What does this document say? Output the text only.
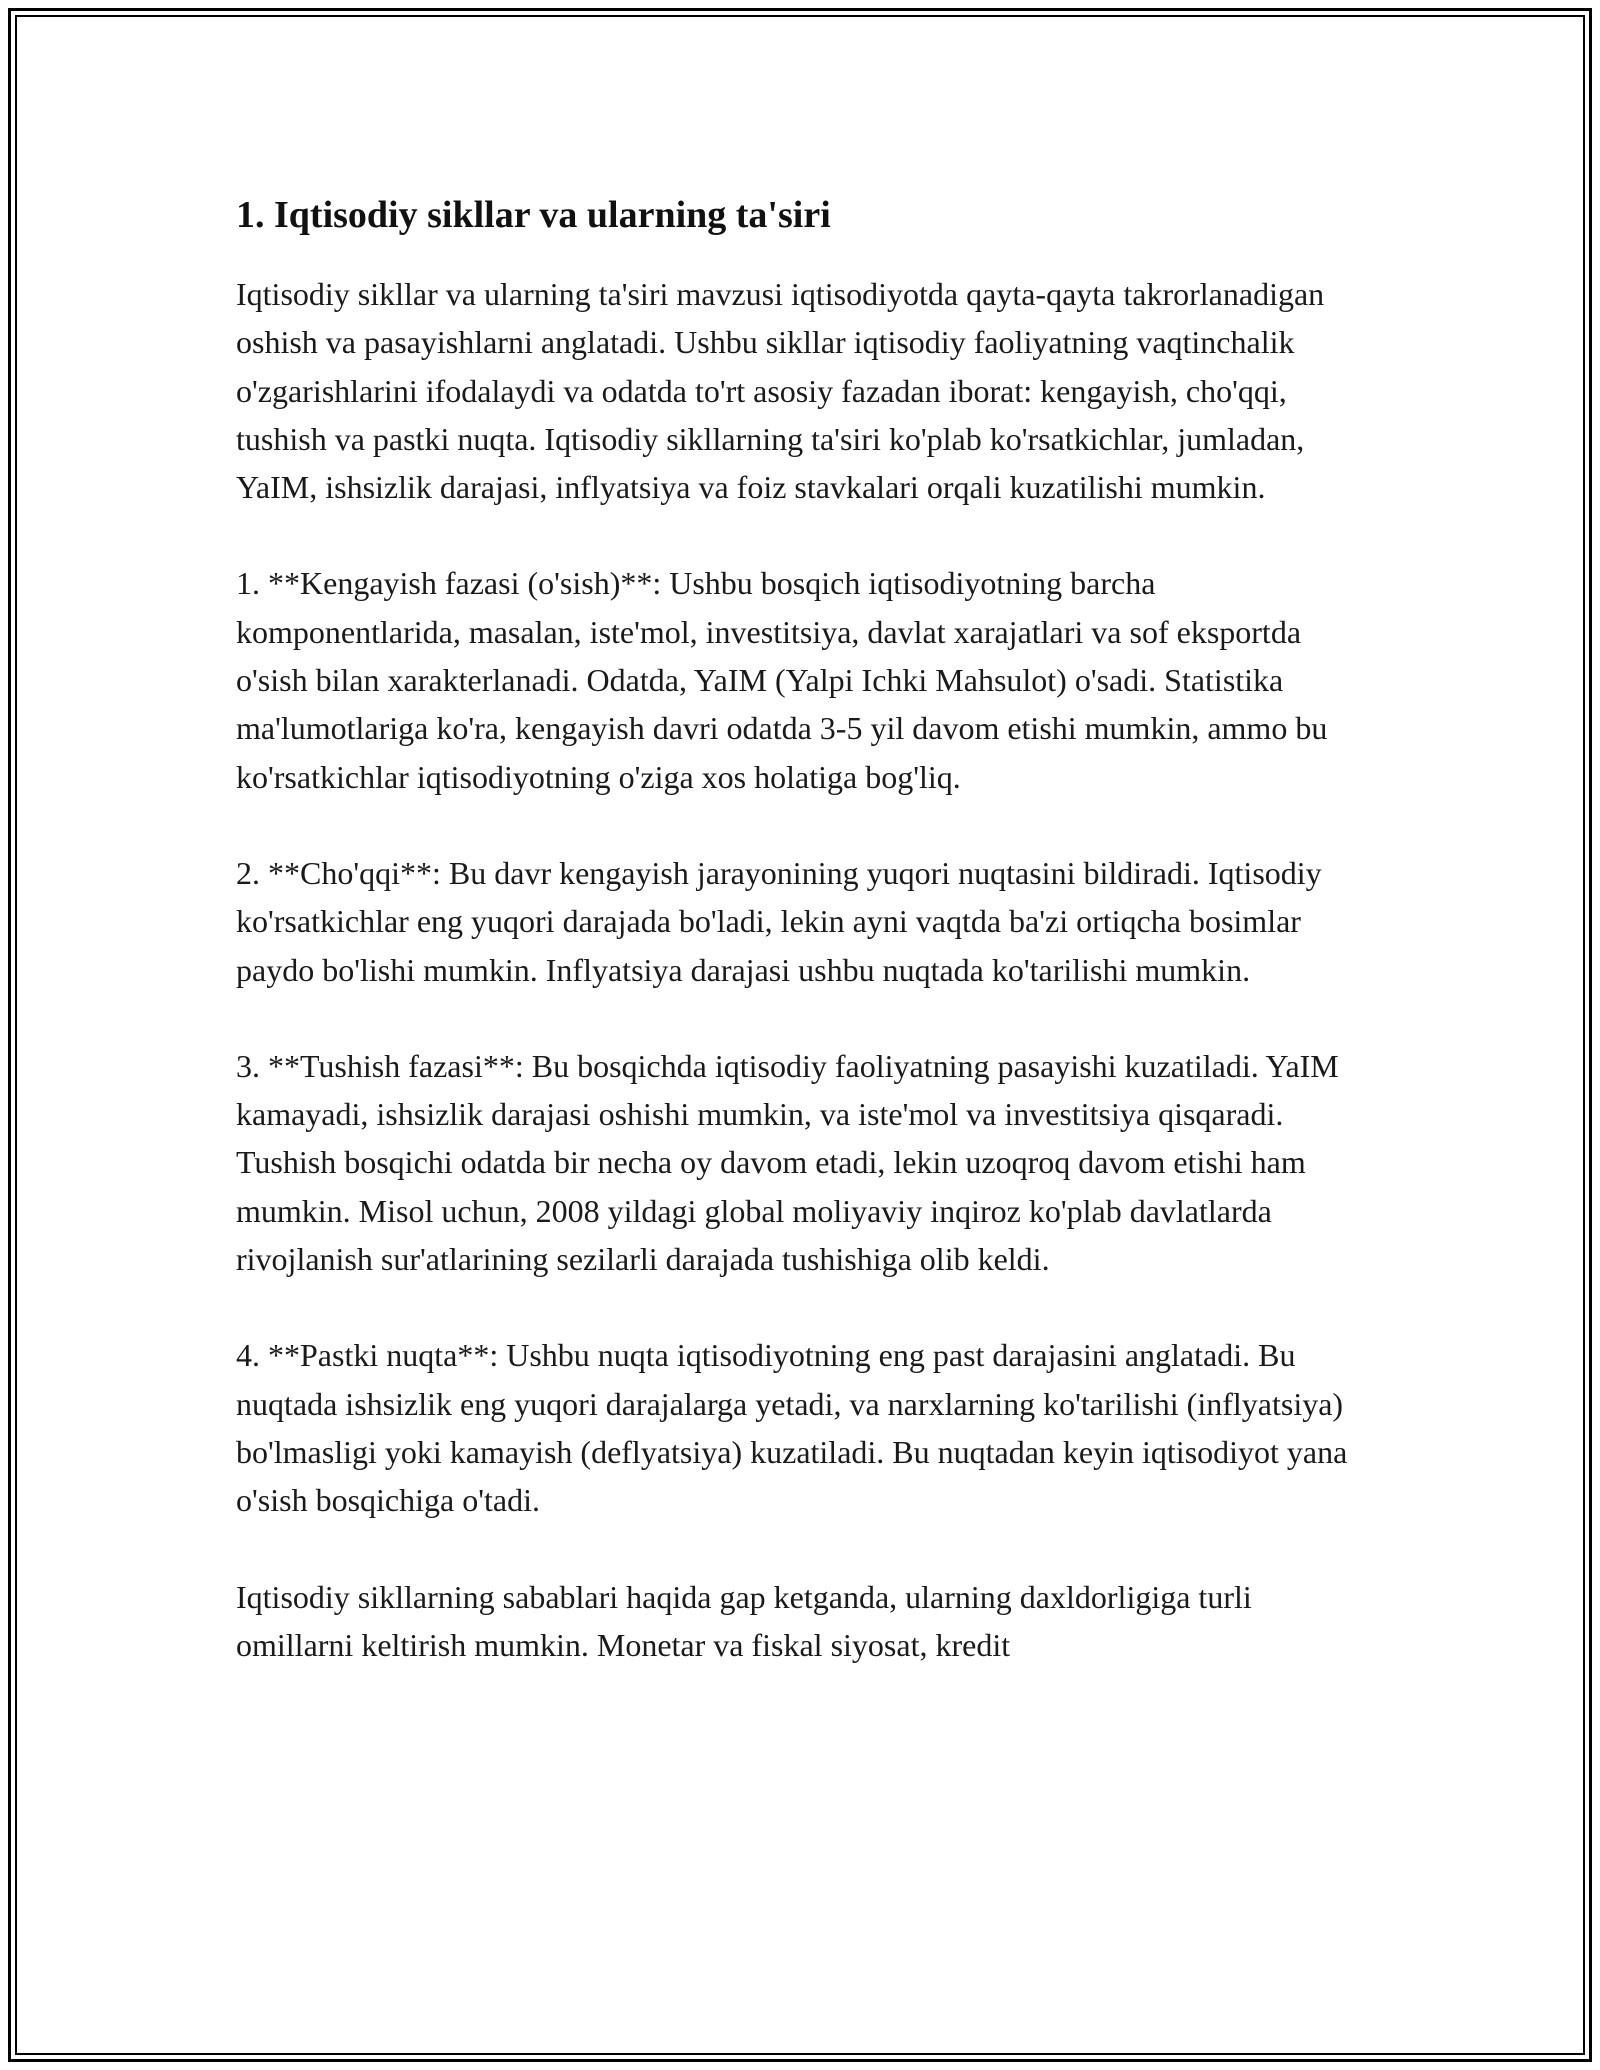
1. Iqtisodiy sikllar va ularning ta'siri

Iqtisodiy sikllar va ularning ta'siri mavzusi iqtisodiyotda qayta-qayta takrorlanadigan oshish va pasayishlarni anglatadi. Ushbu sikllar iqtisodiy faoliyatning vaqtinchalik o'zgarishlarini ifodalaydi va odatda to'rt asosiy fazadan iborat: kengayish, cho'qqi, tushish va pastki nuqta. Iqtisodiy sikllarning ta'siri ko'plab ko'rsatkichlar, jumladan, YaIM, ishsizlik darajasi, inflyatsiya va foiz stavkalari orqali kuzatilishi mumkin.

1. **Kengayish fazasi (o'sish)**: Ushbu bosqich iqtisodiyotning barcha komponentlarida, masalan, iste'mol, investitsiya, davlat xarajatlari va sof eksportda o'sish bilan xarakterlanadi. Odatda, YaIM (Yalpi Ichki Mahsulot) o'sadi. Statistika ma'lumotlariga ko'ra, kengayish davri odatda 3-5 yil davom etishi mumkin, ammo bu ko'rsatkichlar iqtisodiyotning o'ziga xos holatiga bog'liq.

2. **Cho'qqi**: Bu davr kengayish jarayonining yuqori nuqtasini bildiradi. Iqtisodiy ko'rsatkichlar eng yuqori darajada bo'ladi, lekin ayni vaqtda ba'zi ortiqcha bosimlar paydo bo'lishi mumkin. Inflyatsiya darajasi ushbu nuqtada ko'tarilishi mumkin.

3. **Tushish fazasi**: Bu bosqichda iqtisodiy faoliyatning pasayishi kuzatiladi. YaIM kamayadi, ishsizlik darajasi oshishi mumkin, va iste'mol va investitsiya qisqaradi. Tushish bosqichi odatda bir necha oy davom etadi, lekin uzoqroq davom etishi ham mumkin. Misol uchun, 2008 yildagi global moliyaviy inqiroz ko'plab davlatlarda rivojlanish sur'atlarining sezilarli darajada tushishiga olib keldi.

4. **Pastki nuqta**: Ushbu nuqta iqtisodiyotning eng past darajasini anglatadi. Bu nuqtada ishsizlik eng yuqori darajalarga yetadi, va narxlarning ko'tarilishi (inflyatsiya) bo'lmasligi yoki kamayish (deflyatsiya) kuzatiladi. Bu nuqtadan keyin iqtisodiyot yana o'sish bosqichiga o'tadi.

Iqtisodiy sikllarning sabablari haqida gap ketganda, ularning daxldorligiga turli omillarni keltirish mumkin. Monetar va fiskal siyosat, kredit
